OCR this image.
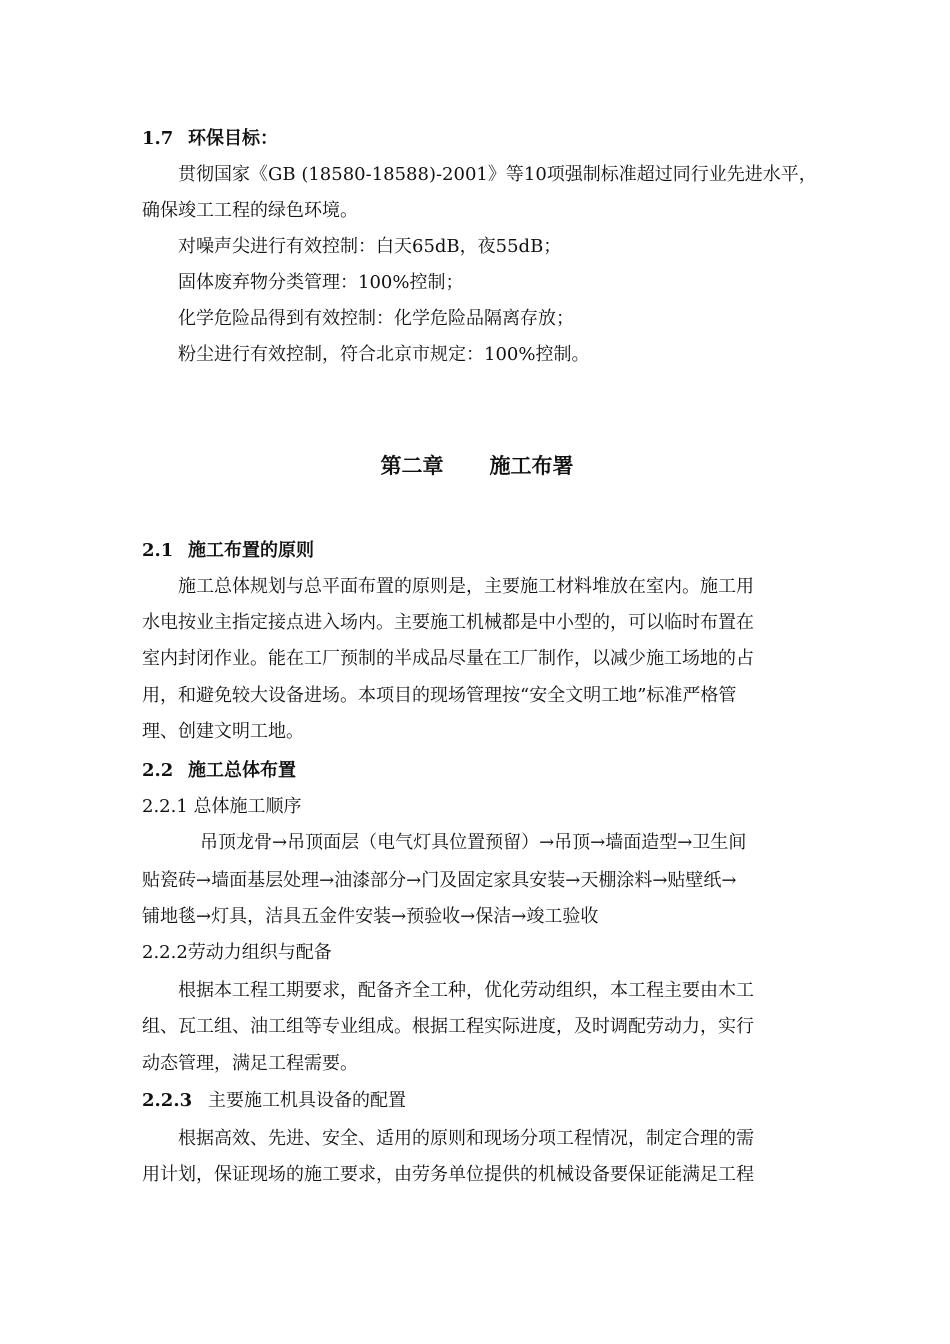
1.7 环保目标：
贯彻国家《GB (18580-18588)-2001》等10项强制标准超过同行业先进水平，
确保竣工工程的绿色环境。
对噪声尖进行有效控制：白天65dB，夜55dB；
固体废弃物分类管理：100%控制；
化学危险品得到有效控制：化学危险品隔离存放；
粉尘进行有效控制，符合北京市规定：100%控制。
第二章 施工布署
2.1 施工布置的原则
施工总体规划与总平面布置的原则是，主要施工材料堆放在室内。施工用
水电按业主指定接点进入场内。主要施工机械都是中小型的，可以临时布置在
室内封闭作业。能在工厂预制的半成品尽量在工厂制作，以减少施工场地的占
用，和避免较大设备进场。本项目的现场管理按“安全文明工地”标准严格管
理、创建文明工地。
2.2 施工总体布置
2.2.1 总体施工顺序
吊顶龙骨→吊顶面层（电气灯具位置预留）→吊顶→墙面造型→卫生间
贴瓷砖→墙面基层处理→油漆部分→门及固定家具安装→天棚涂料→贴壁纸→
铺地毯→灯具，洁具五金件安装→预验收→保洁→竣工验收
2.2.2劳动力组织与配备
根据本工程工期要求，配备齐全工种，优化劳动组织，本工程主要由木工
组、瓦工组、油工组等专业组成。根据工程实际进度，及时调配劳动力，实行
动态管理，满足工程需要。
2.2.3 主要施工机具设备的配置
根据高效、先进、安全、适用的原则和现场分项工程情况，制定合理的需
用计划，保证现场的施工要求，由劳务单位提供的机械设备要保证能满足工程
